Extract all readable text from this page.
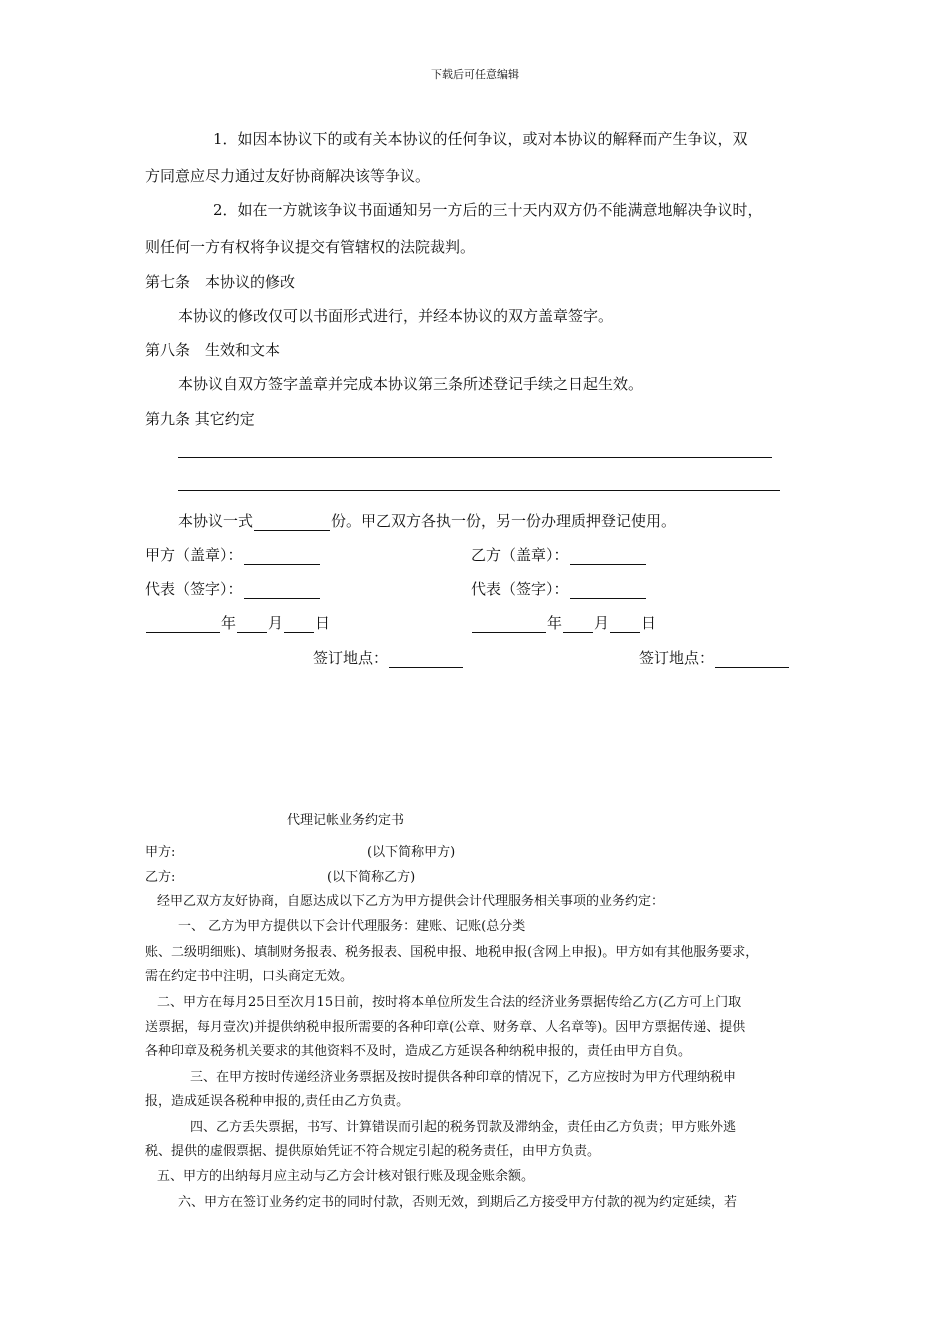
下载后可任意编辑
1．如因本协议下的或有关本协议的任何争议，或对本协议的解释而产生争议，双
方同意应尽力通过友好协商解决该等争议。
2．如在一方就该争议书面通知另一方后的三十天内双方仍不能满意地解决争议时，
则任何一方有权将争议提交有管辖权的法院裁判。
第七条　本协议的修改
本协议的修改仅可以书面形式进行，并经本协议的双方盖章签字。
第八条　生效和文本
本协议自双方签字盖章并完成本协议第三条所述登记手续之日起生效。
第九条 其它约定
本协议一式	份。甲乙双方各执一份，另一份办理质押登记使用。
甲方（盖章）：	乙方（盖章）：
代表（签字）：	代表（签字）：
年 月 日	年 月 日
签订地点：	签订地点：
代理记帐业务约定书
甲方:	(以下简称甲方)
乙方:	(以下简称乙方)
经甲乙双方友好协商，自愿达成以下乙方为甲方提供会计代理服务相关事项的业务约定：
一、 乙方为甲方提供以下会计代理服务：建账、记账(总分类
账、二级明细账)、填制财务报表、税务报表、国税申报、地税申报(含网上申报)。甲方如有其他服务要求，
需在约定书中注明，口头商定无效。
二、甲方在每月25日至次月15日前，按时将本单位所发生合法的经济业务票据传给乙方(乙方可上门取
送票据，每月壹次)并提供纳税申报所需要的各种印章(公章、财务章、人名章等)。因甲方票据传递、提供
各种印章及税务机关要求的其他资料不及时，造成乙方延误各种纳税申报的，责任由甲方自负。
三、在甲方按时传递经济业务票据及按时提供各种印章的情况下，乙方应按时为甲方代理纳税申
报，造成延误各税种申报的,责任由乙方负责。
四、乙方丢失票据，书写、计算错误而引起的税务罚款及滞纳金，责任由乙方负责；甲方账外逃
税、提供的虚假票据、提供原始凭证不符合规定引起的税务责任，由甲方负责。
五、甲方的出纳每月应主动与乙方会计核对银行账及现金账余额。
六、甲方在签订业务约定书的同时付款，否则无效，到期后乙方接受甲方付款的视为约定延续，若
